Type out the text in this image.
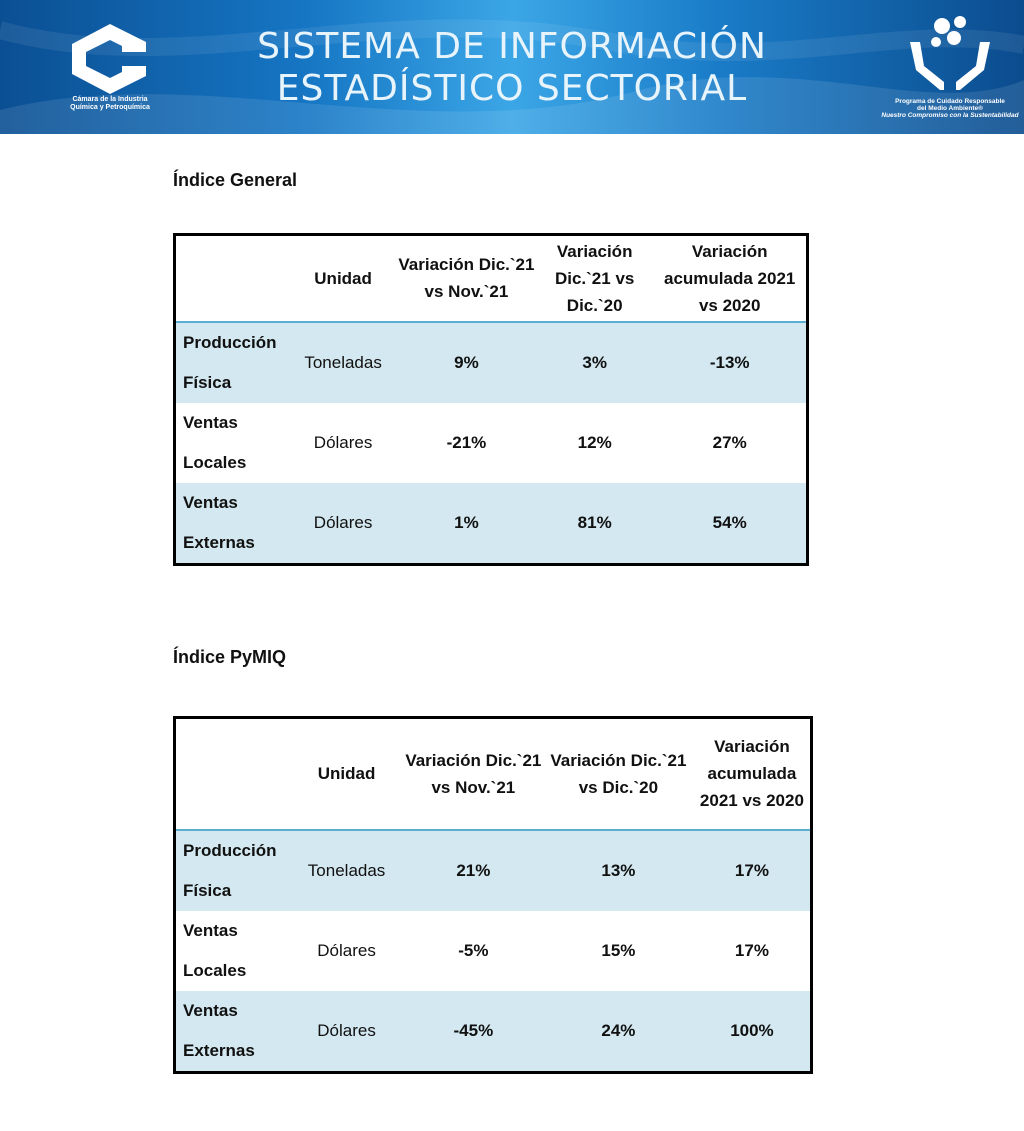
Cámara de la Industria
Química y Petroquímica
SISTEMA DE INFORMACIÓN
ESTADÍSTICO SECTORIAL	Programa de Cuidado Responsable
del Medio Ambiente®
Nuestro Compromiso con la Sustentabilidad
Índice General
	Unidad	Variación Dic.`21 vs Nov.`21	Variación Dic.`21 vs Dic.`20	Variación acumulada 2021 vs 2020
Producción Física	Toneladas	9%	3%	-13%
Ventas Locales	Dólares	-21%	12%	27%
Ventas Externas	Dólares	1%	81%	54%
Índice PyMIQ
	Unidad	Variación Dic.`21 vs Nov.`21	Variación Dic.`21 vs Dic.`20	Variación acumulada 2021 vs 2020
Producción Física	Toneladas	21%	13%	17%
Ventas Locales	Dólares	-5%	15%	17%
Ventas Externas	Dólares	-45%	24%	100%
